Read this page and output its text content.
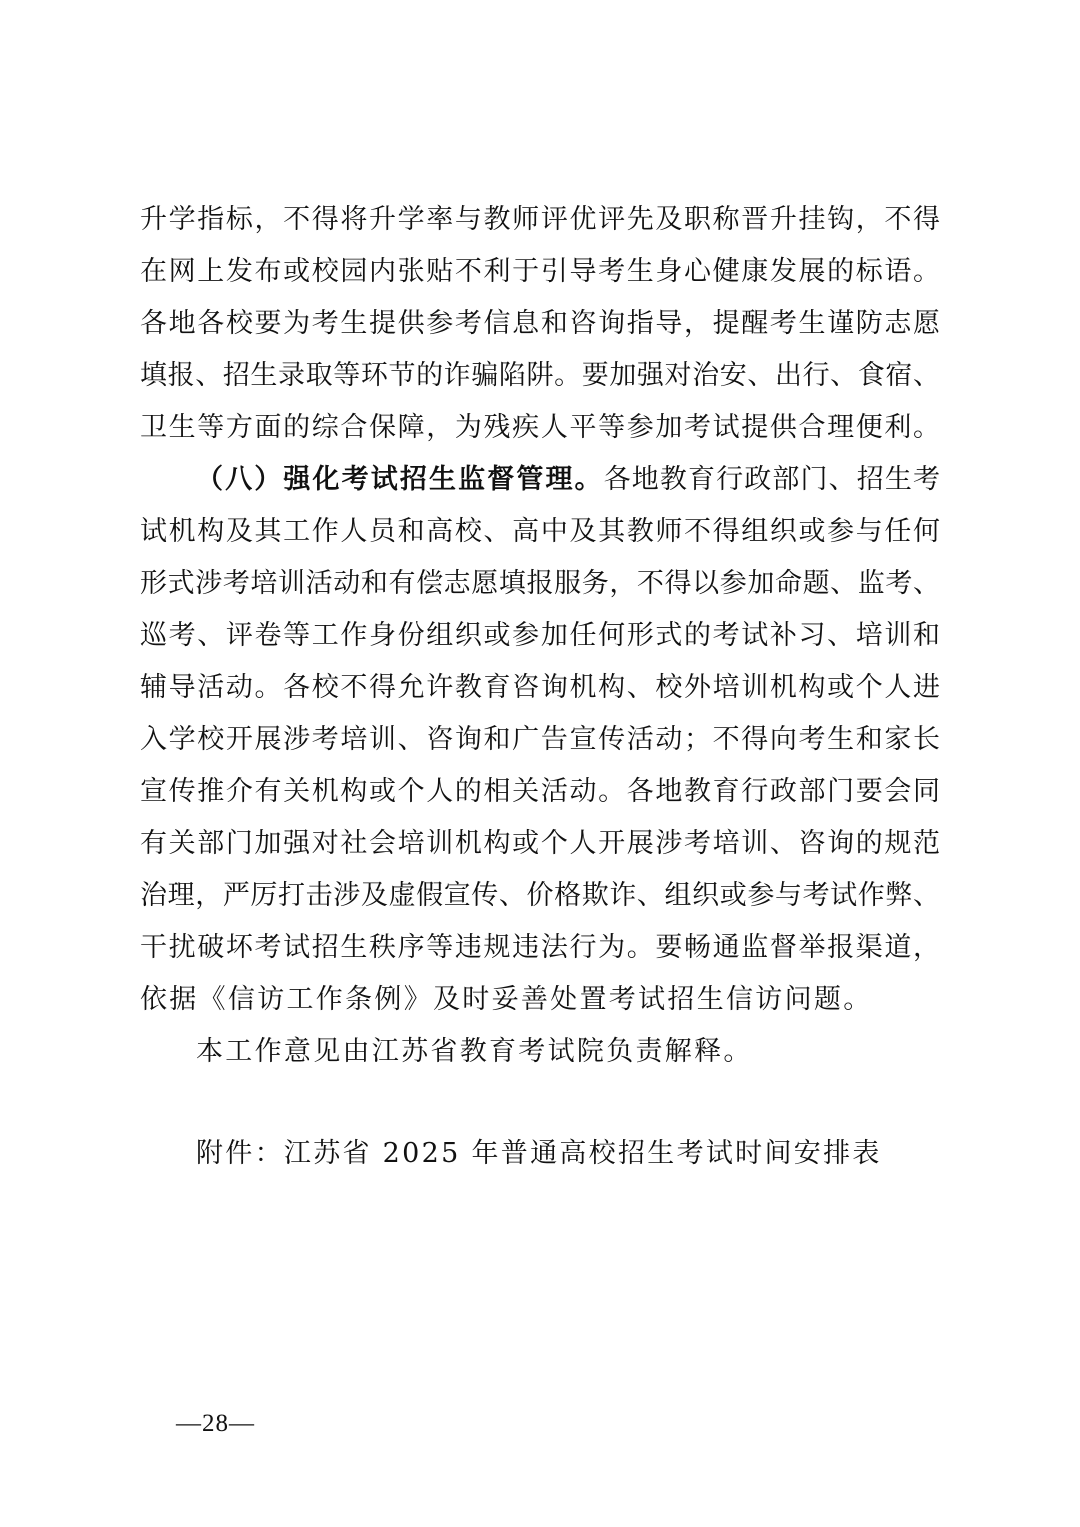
升学指标，不得将升学率与教师评优评先及职称晋升挂钩，不得
在网上发布或校园内张贴不利于引导考生身心健康发展的标语。
各地各校要为考生提供参考信息和咨询指导，提醒考生谨防志愿
填报、招生录取等环节的诈骗陷阱。要加强对治安、出行、食宿、
卫生等方面的综合保障，为残疾人平等参加考试提供合理便利。
（八）强化考试招生监督管理。各地教育行政部门、招生考
试机构及其工作人员和高校、高中及其教师不得组织或参与任何
形式涉考培训活动和有偿志愿填报服务，不得以参加命题、监考、
巡考、评卷等工作身份组织或参加任何形式的考试补习、培训和
辅导活动。各校不得允许教育咨询机构、校外培训机构或个人进
入学校开展涉考培训、咨询和广告宣传活动；不得向考生和家长
宣传推介有关机构或个人的相关活动。各地教育行政部门要会同
有关部门加强对社会培训机构或个人开展涉考培训、咨询的规范
治理，严厉打击涉及虚假宣传、价格欺诈、组织或参与考试作弊、
干扰破坏考试招生秩序等违规违法行为。要畅通监督举报渠道，
依据《信访工作条例》及时妥善处置考试招生信访问题。
本工作意见由江苏省教育考试院负责解释。
附件：江苏省 2025 年普通高校招生考试时间安排表
—28—
